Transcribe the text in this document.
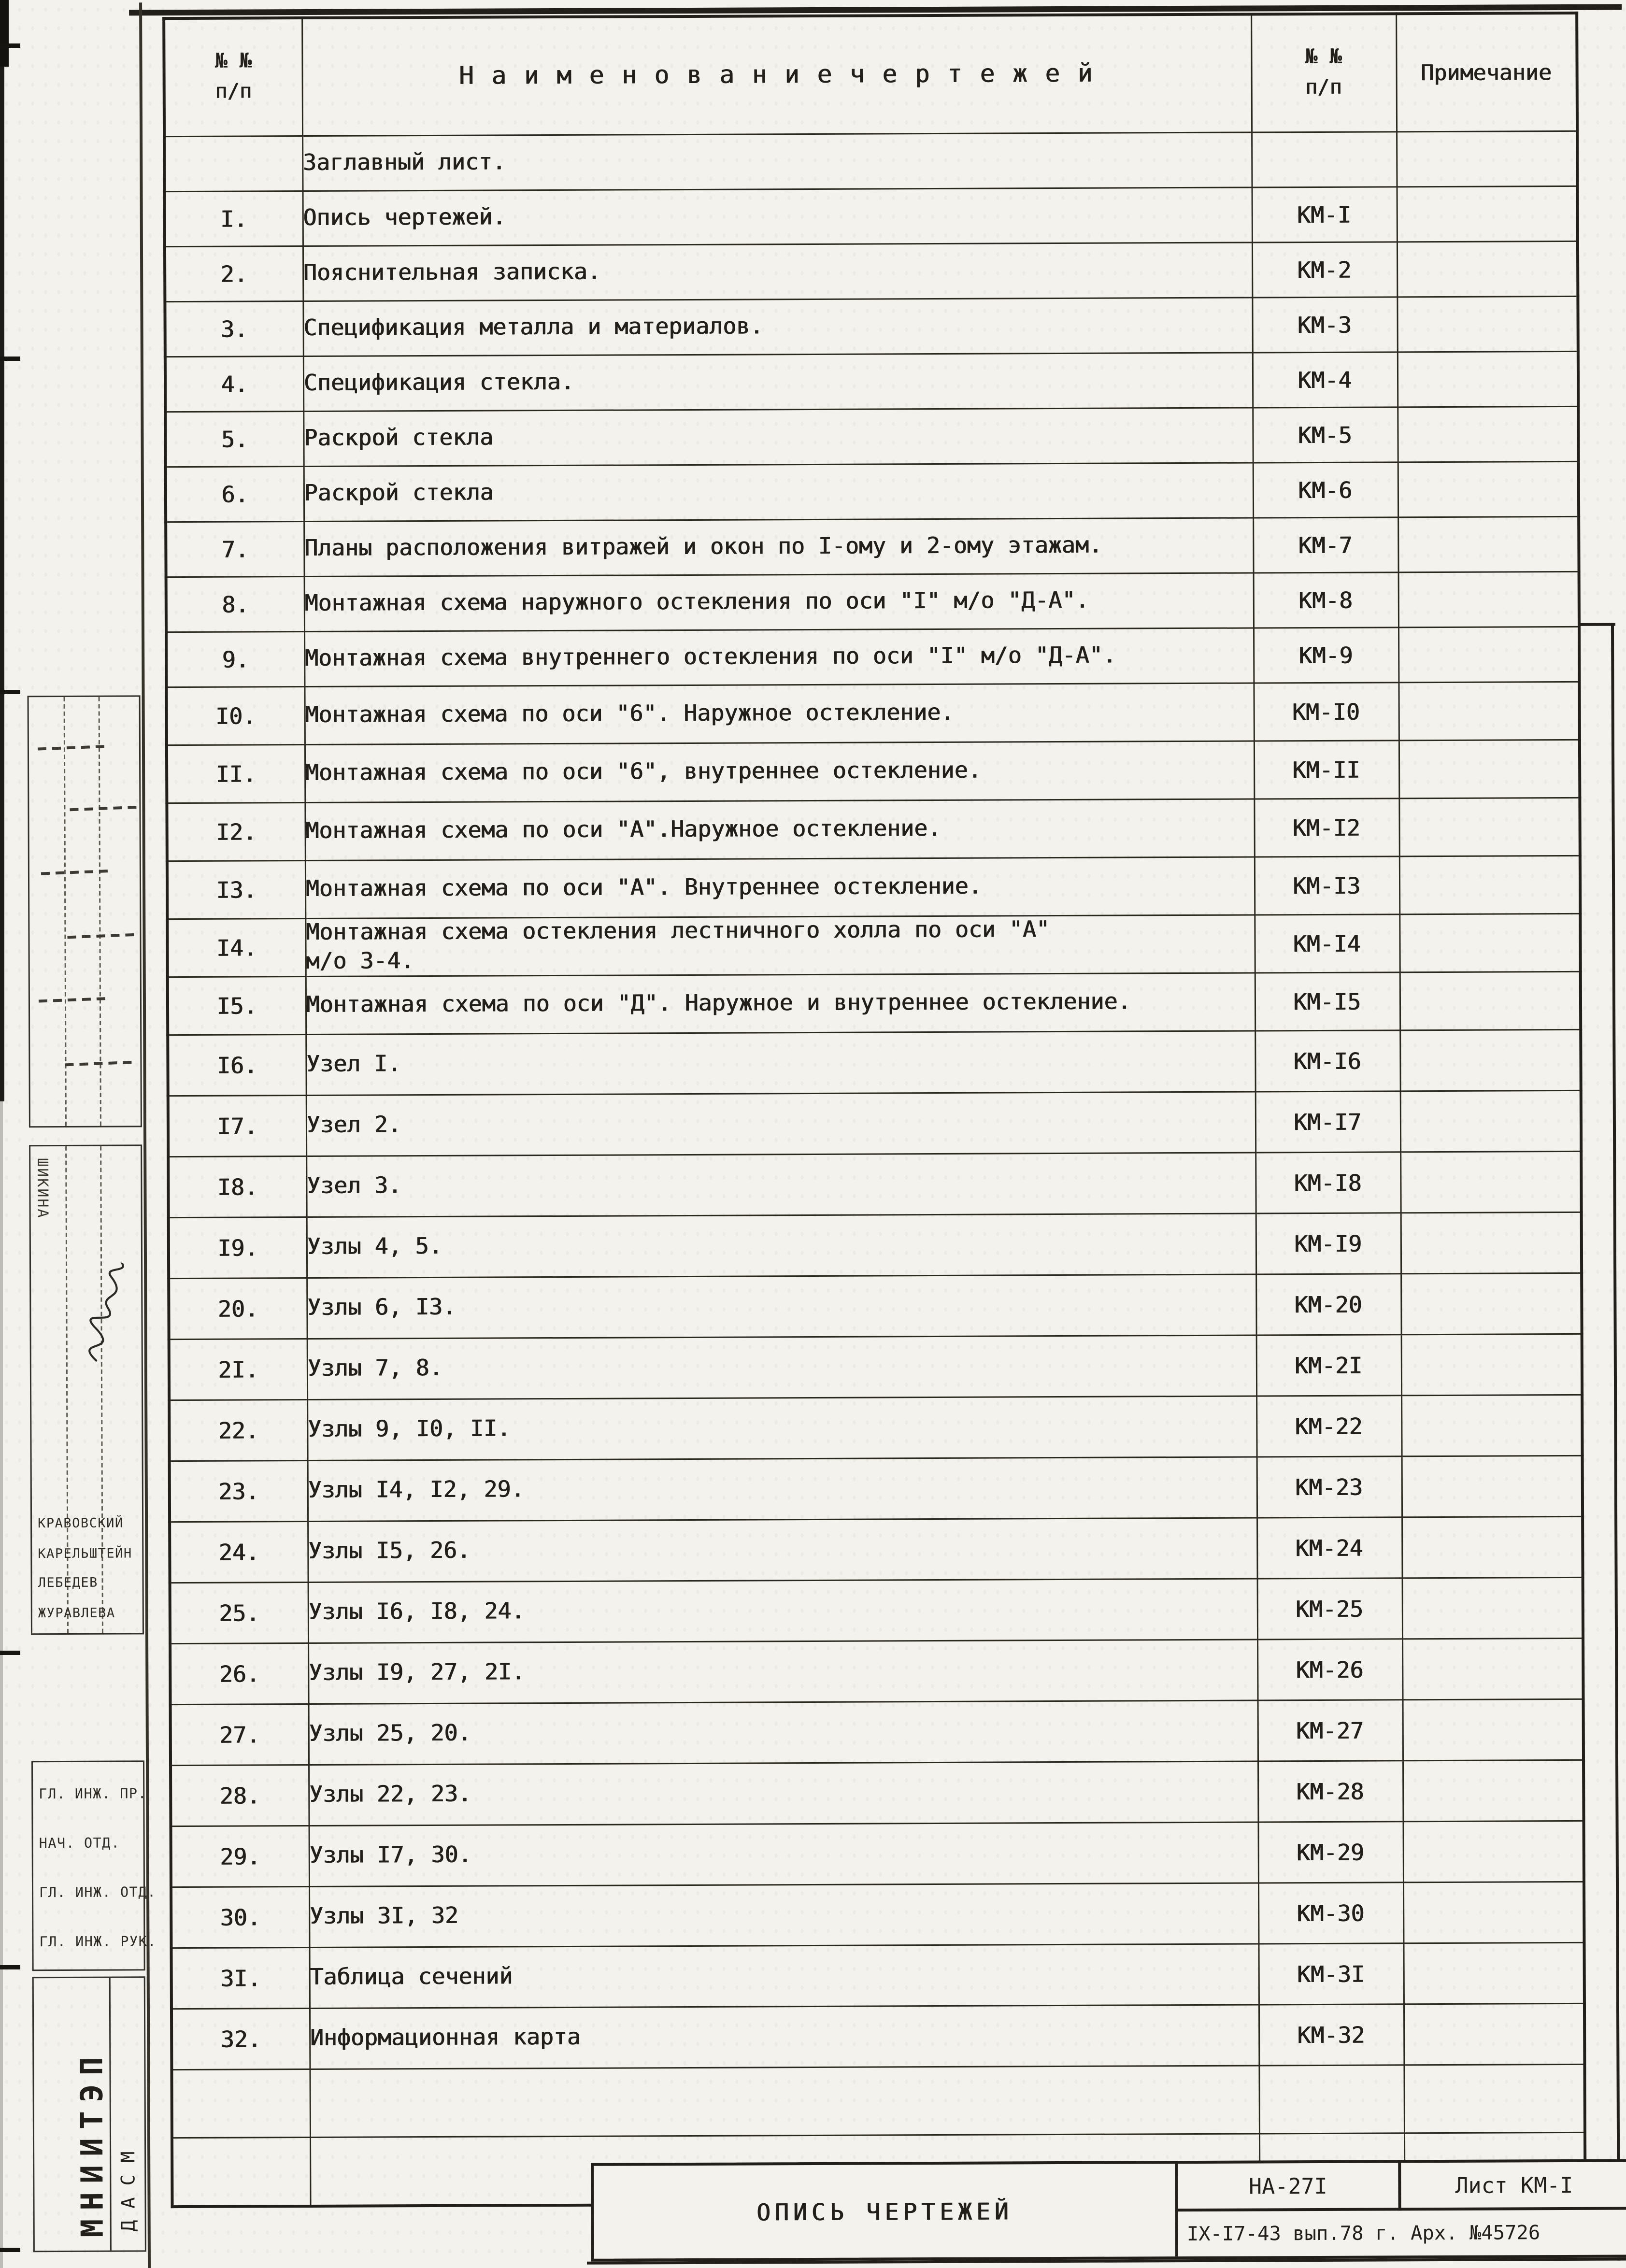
№ №
п/п	Н а и м е н о в а н и е ч е р т е ж е й	№ №
п/п	Примечание
	Заглавный лист.		
I.	Опись чертежей.	КМ-I	
2.	Пояснительная записка.	КМ-2	
3.	Спецификация металла и материалов.	КМ-3	
4.	Спецификация стекла.	КМ-4	
5.	Раскрой стекла	КМ-5	
6.	Раскрой стекла	КМ-6	
7.	Планы расположения витражей и окон по I-ому и 2-ому этажам.	КМ-7	
8.	Монтажная схема наружного остекления по оси "I" м/о "Д-А".	КМ-8	
9.	Монтажная схема внутреннего остекления по оси "I" м/о "Д-А".	КМ-9	
I0.	Монтажная схема по оси "6". Наружное остекление.	КМ-I0	
II.	Монтажная схема по оси "6", внутреннее остекление.	КМ-II	
I2.	Монтажная схема по оси "А".Наружное остекление.	КМ-I2	
I3.	Монтажная схема по оси "А". Внутреннее остекление.	КМ-I3	
I4.	Монтажная схема остекления лестничного холла по оси "А"
м/о 3-4.	КМ-I4	
I5.	Монтажная схема по оси "Д". Наружное и внутреннее остекление.	КМ-I5	
I6.	Узел I.	КМ-I6	
I7.	Узел 2.	КМ-I7	
I8.	Узел 3.	КМ-I8	
I9.	Узлы 4, 5.	КМ-I9	
20.	Узлы 6, I3.	КМ-20	
2I.	Узлы 7, 8.	КМ-2I	
22.	Узлы 9, I0, II.	КМ-22	
23.	Узлы I4, I2, 29.	КМ-23	
24.	Узлы I5, 26.	КМ-24	
25.	Узлы I6, I8, 24.	КМ-25	
26.	Узлы I9, 27, 2I.	КМ-26	
27.	Узлы 25, 20.	КМ-27	
28.	Узлы 22, 23.	КМ-28	
29.	Узлы I7, 30.	КМ-29	
30.	Узлы 3I, 32	КМ-30	
3I.	Таблица сечений	КМ-3I	
32.	Информационная карта	КМ-32	

ОПИСЬ ЧЕРТЕЖЕЙ
НА-27I	Лист КМ-I
IX-I7-43 вып.78 г. Арх. №45726
ШИКИНА
КРАВОВСКИЙ
КАРЕЛЬШТЕЙН
ЛЕБЕДЕВ
ЖУРАВЛЕВА
ГЛ. ИНЖ. ПР.
НАЧ. ОТД.
ГЛ. ИНЖ. ОТД.
ГЛ. ИНЖ. РУК.
МНИИТЭП ДАСМ
